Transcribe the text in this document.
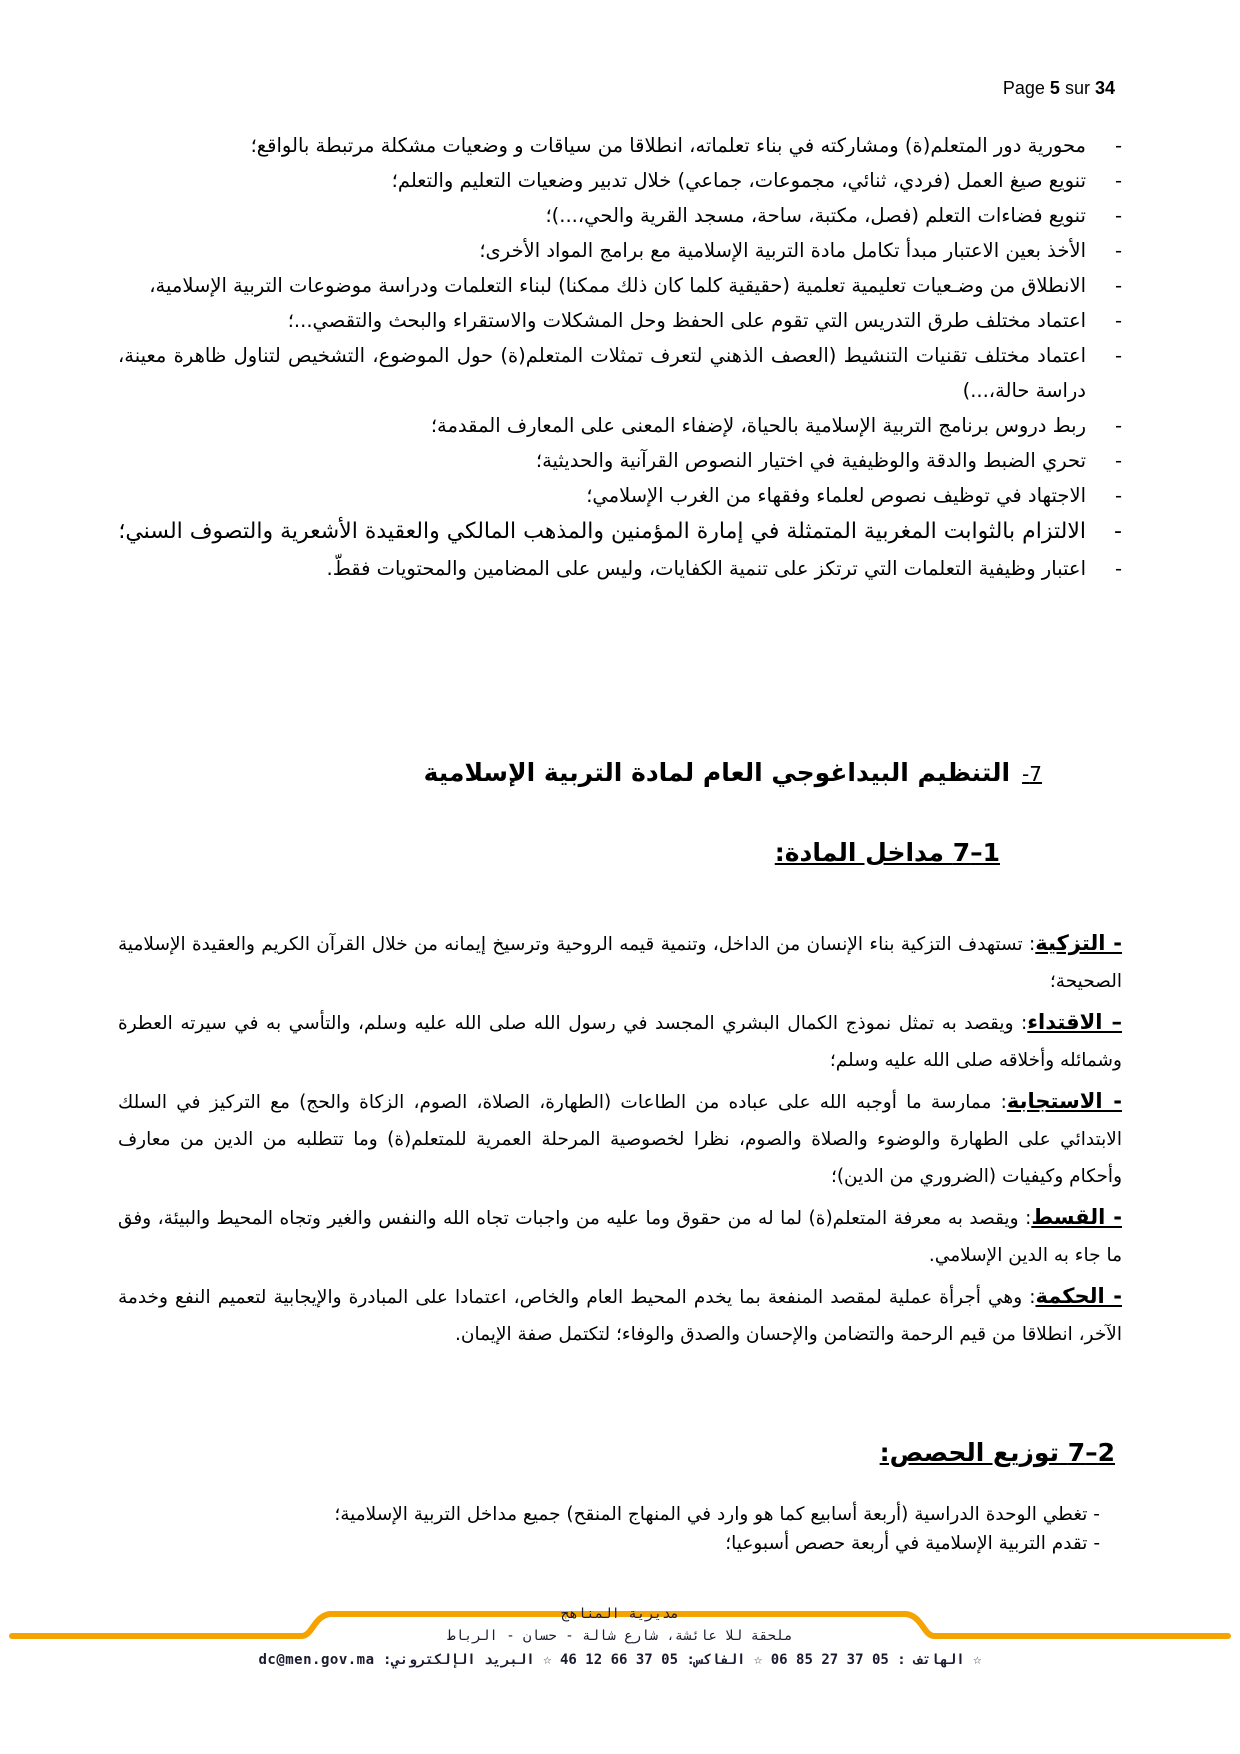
Page 5 sur 34
-
محورية دور المتعلم(ة) ومشاركته في بناء تعلماته، انطلاقا من سياقات و وضعيات مشكلة مرتبطة بالواقع؛
-
تنويع صيغ العمل (فردي، ثنائي، مجموعات، جماعي) خلال تدبير وضعيات التعليم والتعلم؛
-
تنويع فضاءات التعلم (فصل، مكتبة، ساحة، مسجد القرية والحي،...)؛
-
الأخذ بعين الاعتبار مبدأ تكامل مادة التربية الإسلامية مع برامج المواد الأخرى؛
-
الانطلاق من وضـعيات تعليمية تعلمية (حقيقية كلما كان ذلك ممكنا) لبناء التعلمات ودراسة موضوعات التربية الإسلامية،
-
اعتماد مختلف طرق التدريس التي تقوم على الحفظ وحل المشكلات والاستقراء والبحث والتقصي...؛
-
اعتماد مختلف تقنيات التنشيط (العصف الذهني لتعرف تمثلات المتعلم(ة) حول الموضوع، التشخيص لتناول ظاهرة معينة، دراسة حالة،...)
-
ربط دروس برنامج التربية الإسلامية بالحياة، لإضفاء المعنى على المعارف المقدمة؛
-
تحري الضبط والدقة والوظيفية في اختيار النصوص القرآنية والحديثية؛
-
الاجتهاد في توظيف نصوص لعلماء وفقهاء من الغرب الإسلامي؛
-
الالتزام بالثوابت المغربية المتمثلة في إمارة المؤمنين والمذهب المالكي والعقيدة الأشعرية والتصوف السني؛
-
اعتبار وظيفية التعلمات التي ترتكز على تنمية الكفايات، وليس على المضامين والمحتويات فقطّ.
7-التنظيم البيداغوجي العام لمادة التربية الإسلامية
1–7 مداخل المادة:
- التزكية: تستهدف التزكية بناء الإنسان من الداخل، وتنمية قيمه الروحية وترسيخ إيمانه من خلال القرآن الكريم والعقيدة الإسلامية الصحيحة؛
– الاقتداء: ويقصد به تمثل نموذج الكمال البشري المجسد في رسول الله صلى الله عليه وسلم، والتأسي به في سيرته العطرة وشمائله وأخلاقه صلى الله عليه وسلم؛
- الاستجابة: ممارسة ما أوجبه الله على عباده من الطاعات (الطهارة، الصلاة، الصوم، الزكاة والحج) مع التركيز في السلك الابتدائي على الطهارة والوضوء والصلاة والصوم، نظرا لخصوصية المرحلة العمرية للمتعلم(ة) وما تتطلبه من الدين من معارف وأحكام وكيفيات (الضروري من الدين)؛
- القسط: ويقصد به معرفة المتعلم(ة) لما له من حقوق وما عليه من واجبات تجاه الله والنفس والغير وتجاه المحيط والبيئة، وفق ما جاء به الدين الإسلامي.
- الحكمة: وهي أجرأة عملية لمقصد المنفعة بما يخدم المحيط العام والخاص، اعتمادا على المبادرة والإيجابية لتعميم النفع وخدمة الآخر، انطلاقا من قيم الرحمة والتضامن والإحسان والصدق والوفاء؛ لتكتمل صفة الإيمان.
2–7 توزيع الحصص:
- تغطي الوحدة الدراسية (أربعة أسابيع كما هو وارد في المنهاج المنقح) جميع مداخل التربية الإسلامية؛
- تقدم التربية الإسلامية في أربعة حصص أسبوعيا؛
مديرية المناهج
ملحقة للا عائشة، شارع شالة - حسان - الرباط
☆ الهاتف : 05 37 27 85 06 ☆ الفاكس: 05 37 66 12 46 ☆ البريد الإلكتروني: dc@men.gov.ma
